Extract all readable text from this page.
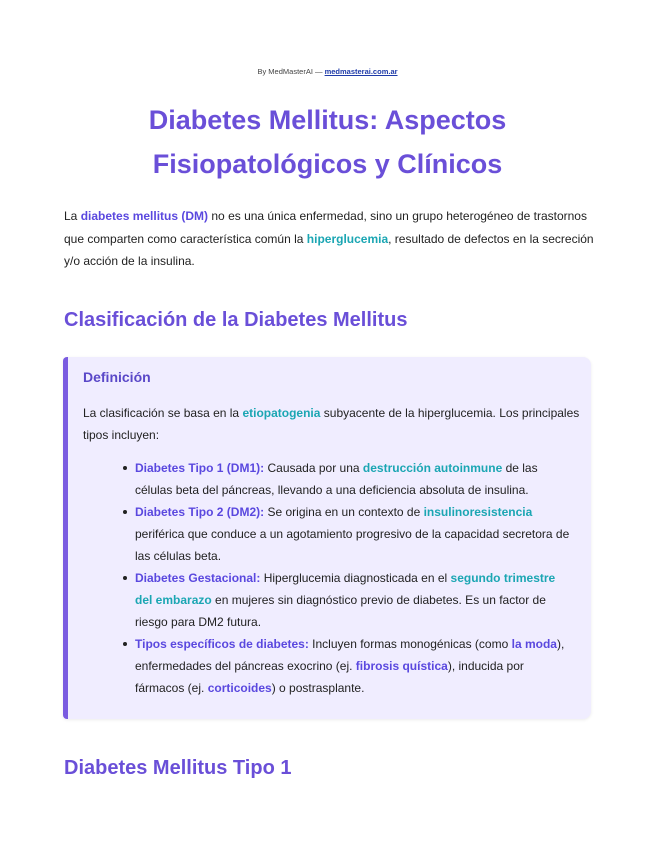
By MedMasterAI — medmasterai.com.ar
Diabetes Mellitus: Aspectos Fisiopatológicos y Clínicos

La diabetes mellitus (DM) no es una única enfermedad, sino un grupo heterogéneo de trastornos que comparten como característica común la hiperglucemia, resultado de defectos en la secreción y/o acción de la insulina.

Clasificación de la Diabetes Mellitus
Definición

La clasificación se basa en la etiopatogenia subyacente de la hiperglucemia. Los principales tipos incluyen:

Diabetes Tipo 1 (DM1): Causada por una destrucción autoinmune de las células beta del páncreas, llevando a una deficiencia absoluta de insulina.
Diabetes Tipo 2 (DM2): Se origina en un contexto de insulinoresistencia periférica que conduce a un agotamiento progresivo de la capacidad secretora de las células beta.
Diabetes Gestacional: Hiperglucemia diagnosticada en el segundo trimestre del embarazo en mujeres sin diagnóstico previo de diabetes. Es un factor de riesgo para DM2 futura.
Tipos específicos de diabetes: Incluyen formas monogénicas (como la moda), enfermedades del páncreas exocrino (ej. fibrosis quística), inducida por fármacos (ej. corticoides) o postrasplante.
Diabetes Mellitus Tipo 1
